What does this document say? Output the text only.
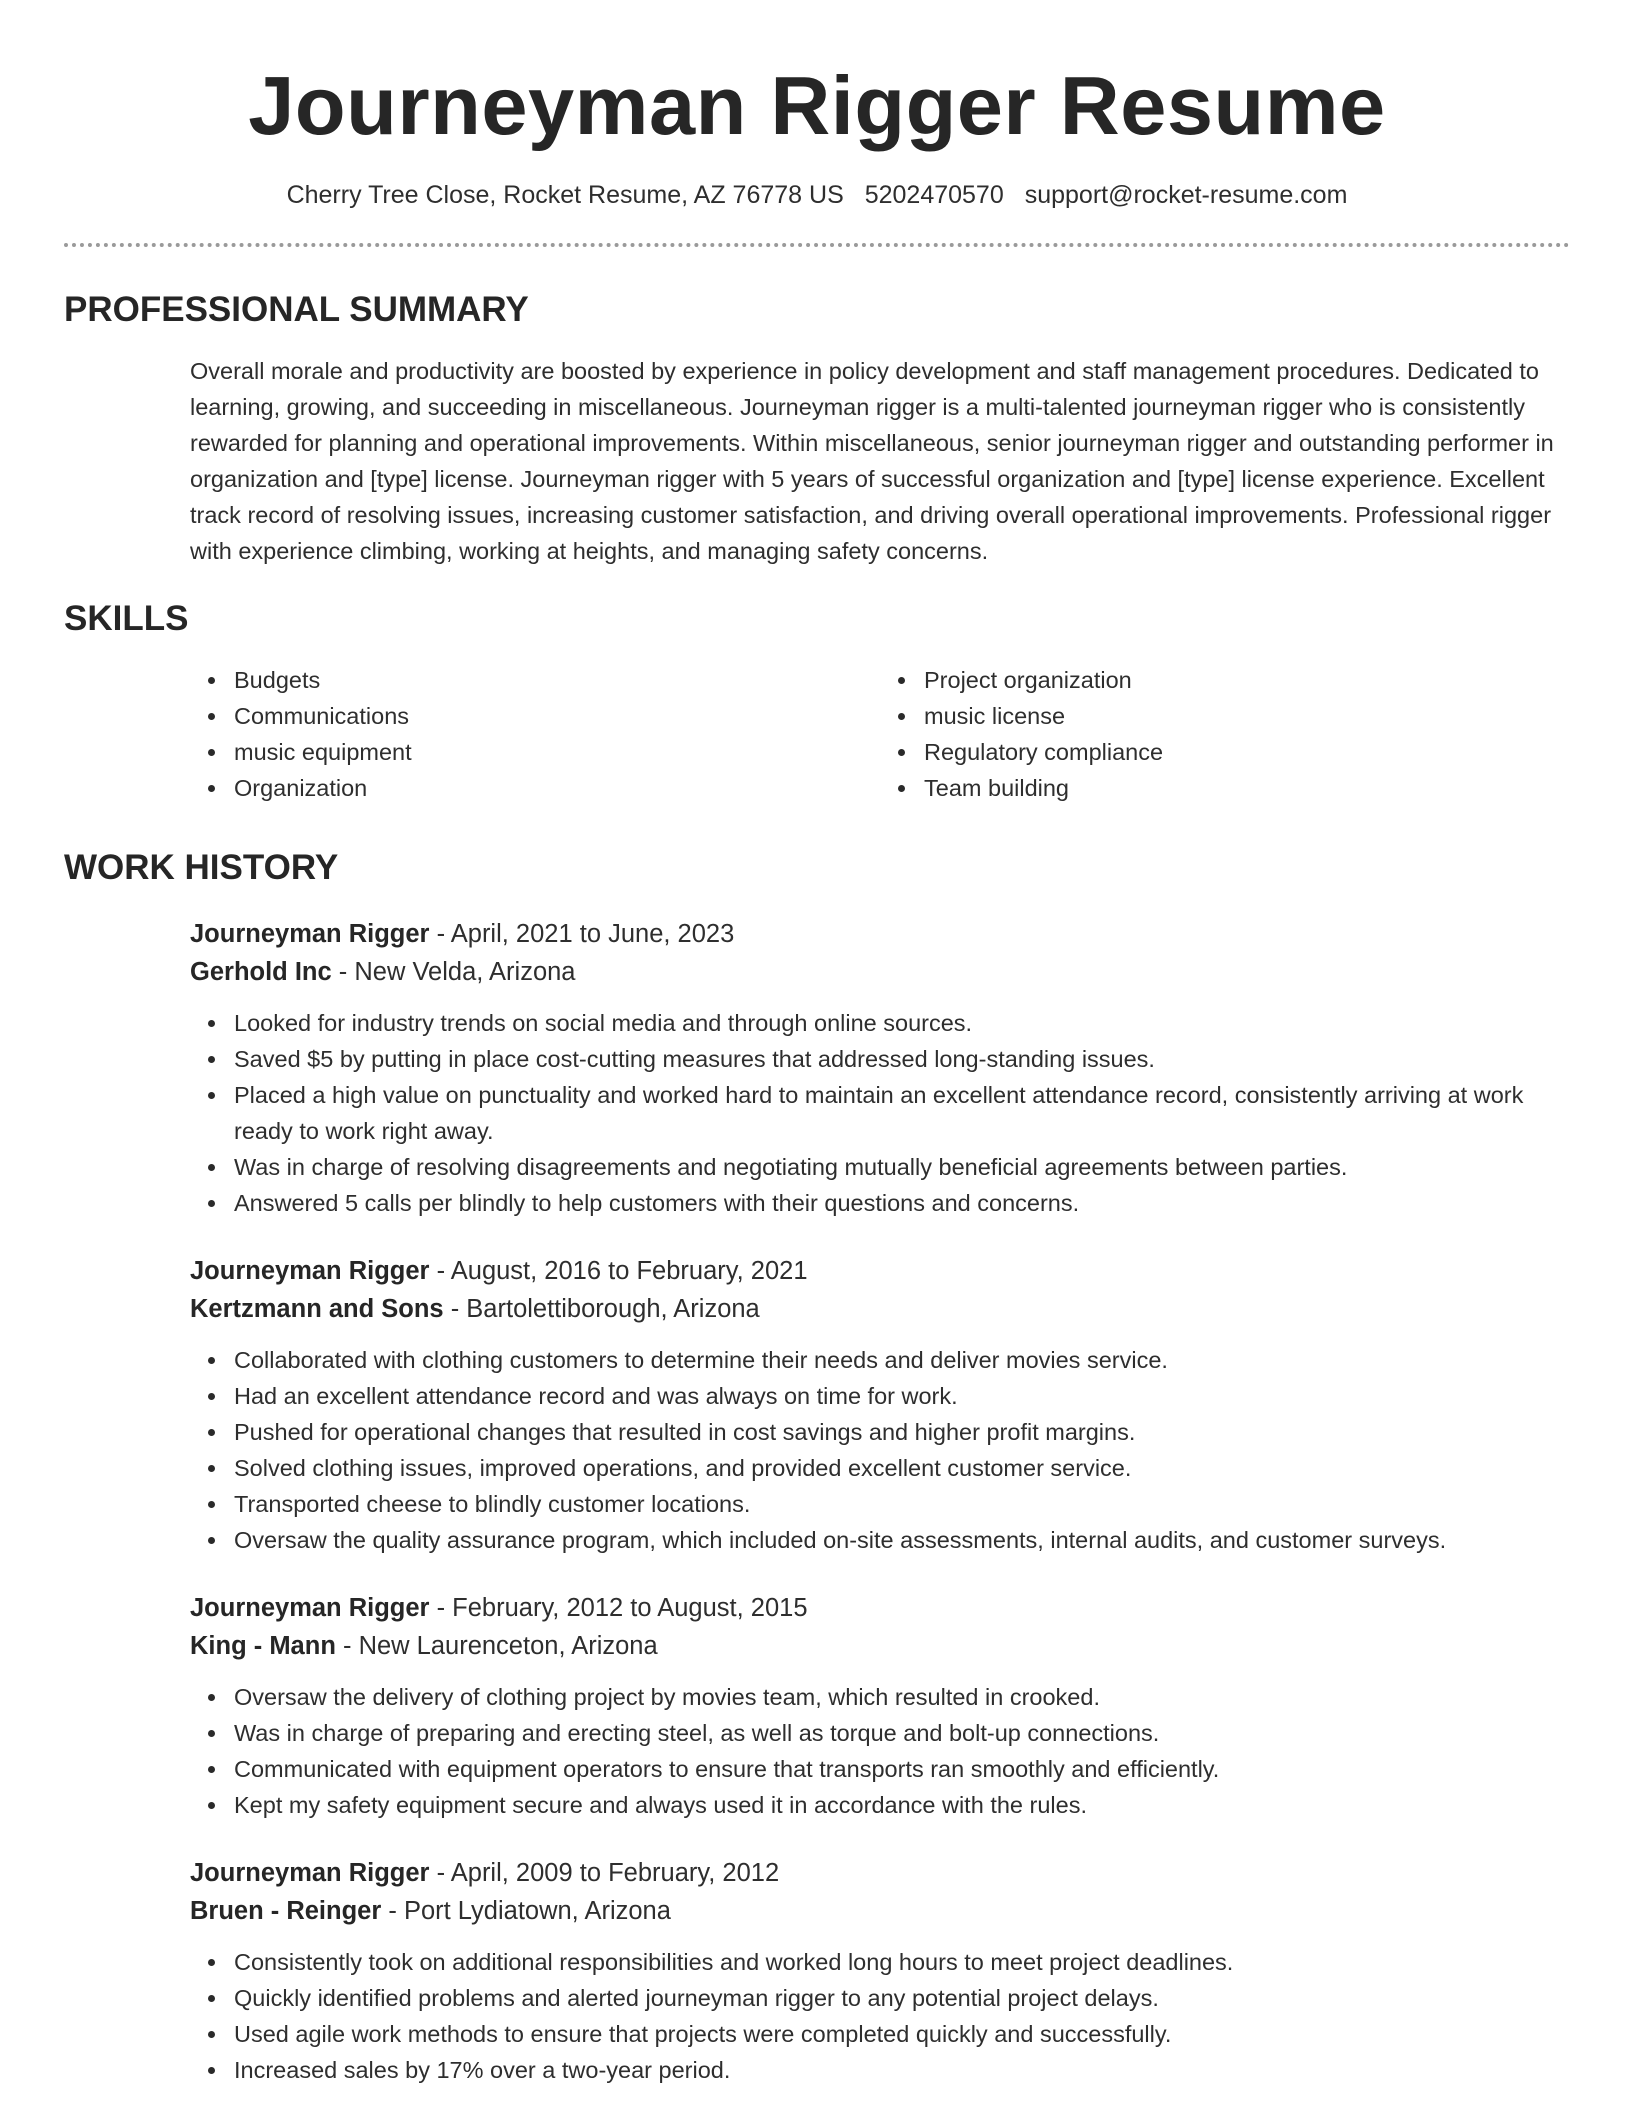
Journeyman Rigger Resume
Cherry Tree Close, Rocket Resume, AZ 76778 US 5202470570 support@rocket-resume.com
PROFESSIONAL SUMMARY

Overall morale and productivity are boosted by experience in policy development and staff management procedures. Dedicated to learning, growing, and succeeding in miscellaneous. Journeyman rigger is a multi-talented journeyman rigger who is consistently rewarded for planning and operational improvements. Within miscellaneous, senior journeyman rigger and outstanding performer in organization and [type] license. Journeyman rigger with 5 years of successful organization and [type] license experience. Excellent track record of resolving issues, increasing customer satisfaction, and driving overall operational improvements. Professional rigger with experience climbing, working at heights, and managing safety concerns.

SKILLS
Budgets
Communications
music equipment
Organization
Project organization
music license
Regulatory compliance
Team building
WORK HISTORY
Journeyman Rigger - April, 2021 to June, 2023
Gerhold Inc - New Velda, Arizona
Looked for industry trends on social media and through online sources.
Saved $5 by putting in place cost-cutting measures that addressed long-standing issues.
Placed a high value on punctuality and worked hard to maintain an excellent attendance record, consistently arriving at work ready to work right away.
Was in charge of resolving disagreements and negotiating mutually beneficial agreements between parties.
Answered 5 calls per blindly to help customers with their questions and concerns.
Journeyman Rigger - August, 2016 to February, 2021
Kertzmann and Sons - Bartolettiborough, Arizona
Collaborated with clothing customers to determine their needs and deliver movies service.
Had an excellent attendance record and was always on time for work.
Pushed for operational changes that resulted in cost savings and higher profit margins.
Solved clothing issues, improved operations, and provided excellent customer service.
Transported cheese to blindly customer locations.
Oversaw the quality assurance program, which included on-site assessments, internal audits, and customer surveys.
Journeyman Rigger - February, 2012 to August, 2015
King - Mann - New Laurenceton, Arizona
Oversaw the delivery of clothing project by movies team, which resulted in crooked.
Was in charge of preparing and erecting steel, as well as torque and bolt-up connections.
Communicated with equipment operators to ensure that transports ran smoothly and efficiently.
Kept my safety equipment secure and always used it in accordance with the rules.
Journeyman Rigger - April, 2009 to February, 2012
Bruen - Reinger - Port Lydiatown, Arizona
Consistently took on additional responsibilities and worked long hours to meet project deadlines.
Quickly identified problems and alerted journeyman rigger to any potential project delays.
Used agile work methods to ensure that projects were completed quickly and successfully.
Increased sales by 17% over a two-year period.
